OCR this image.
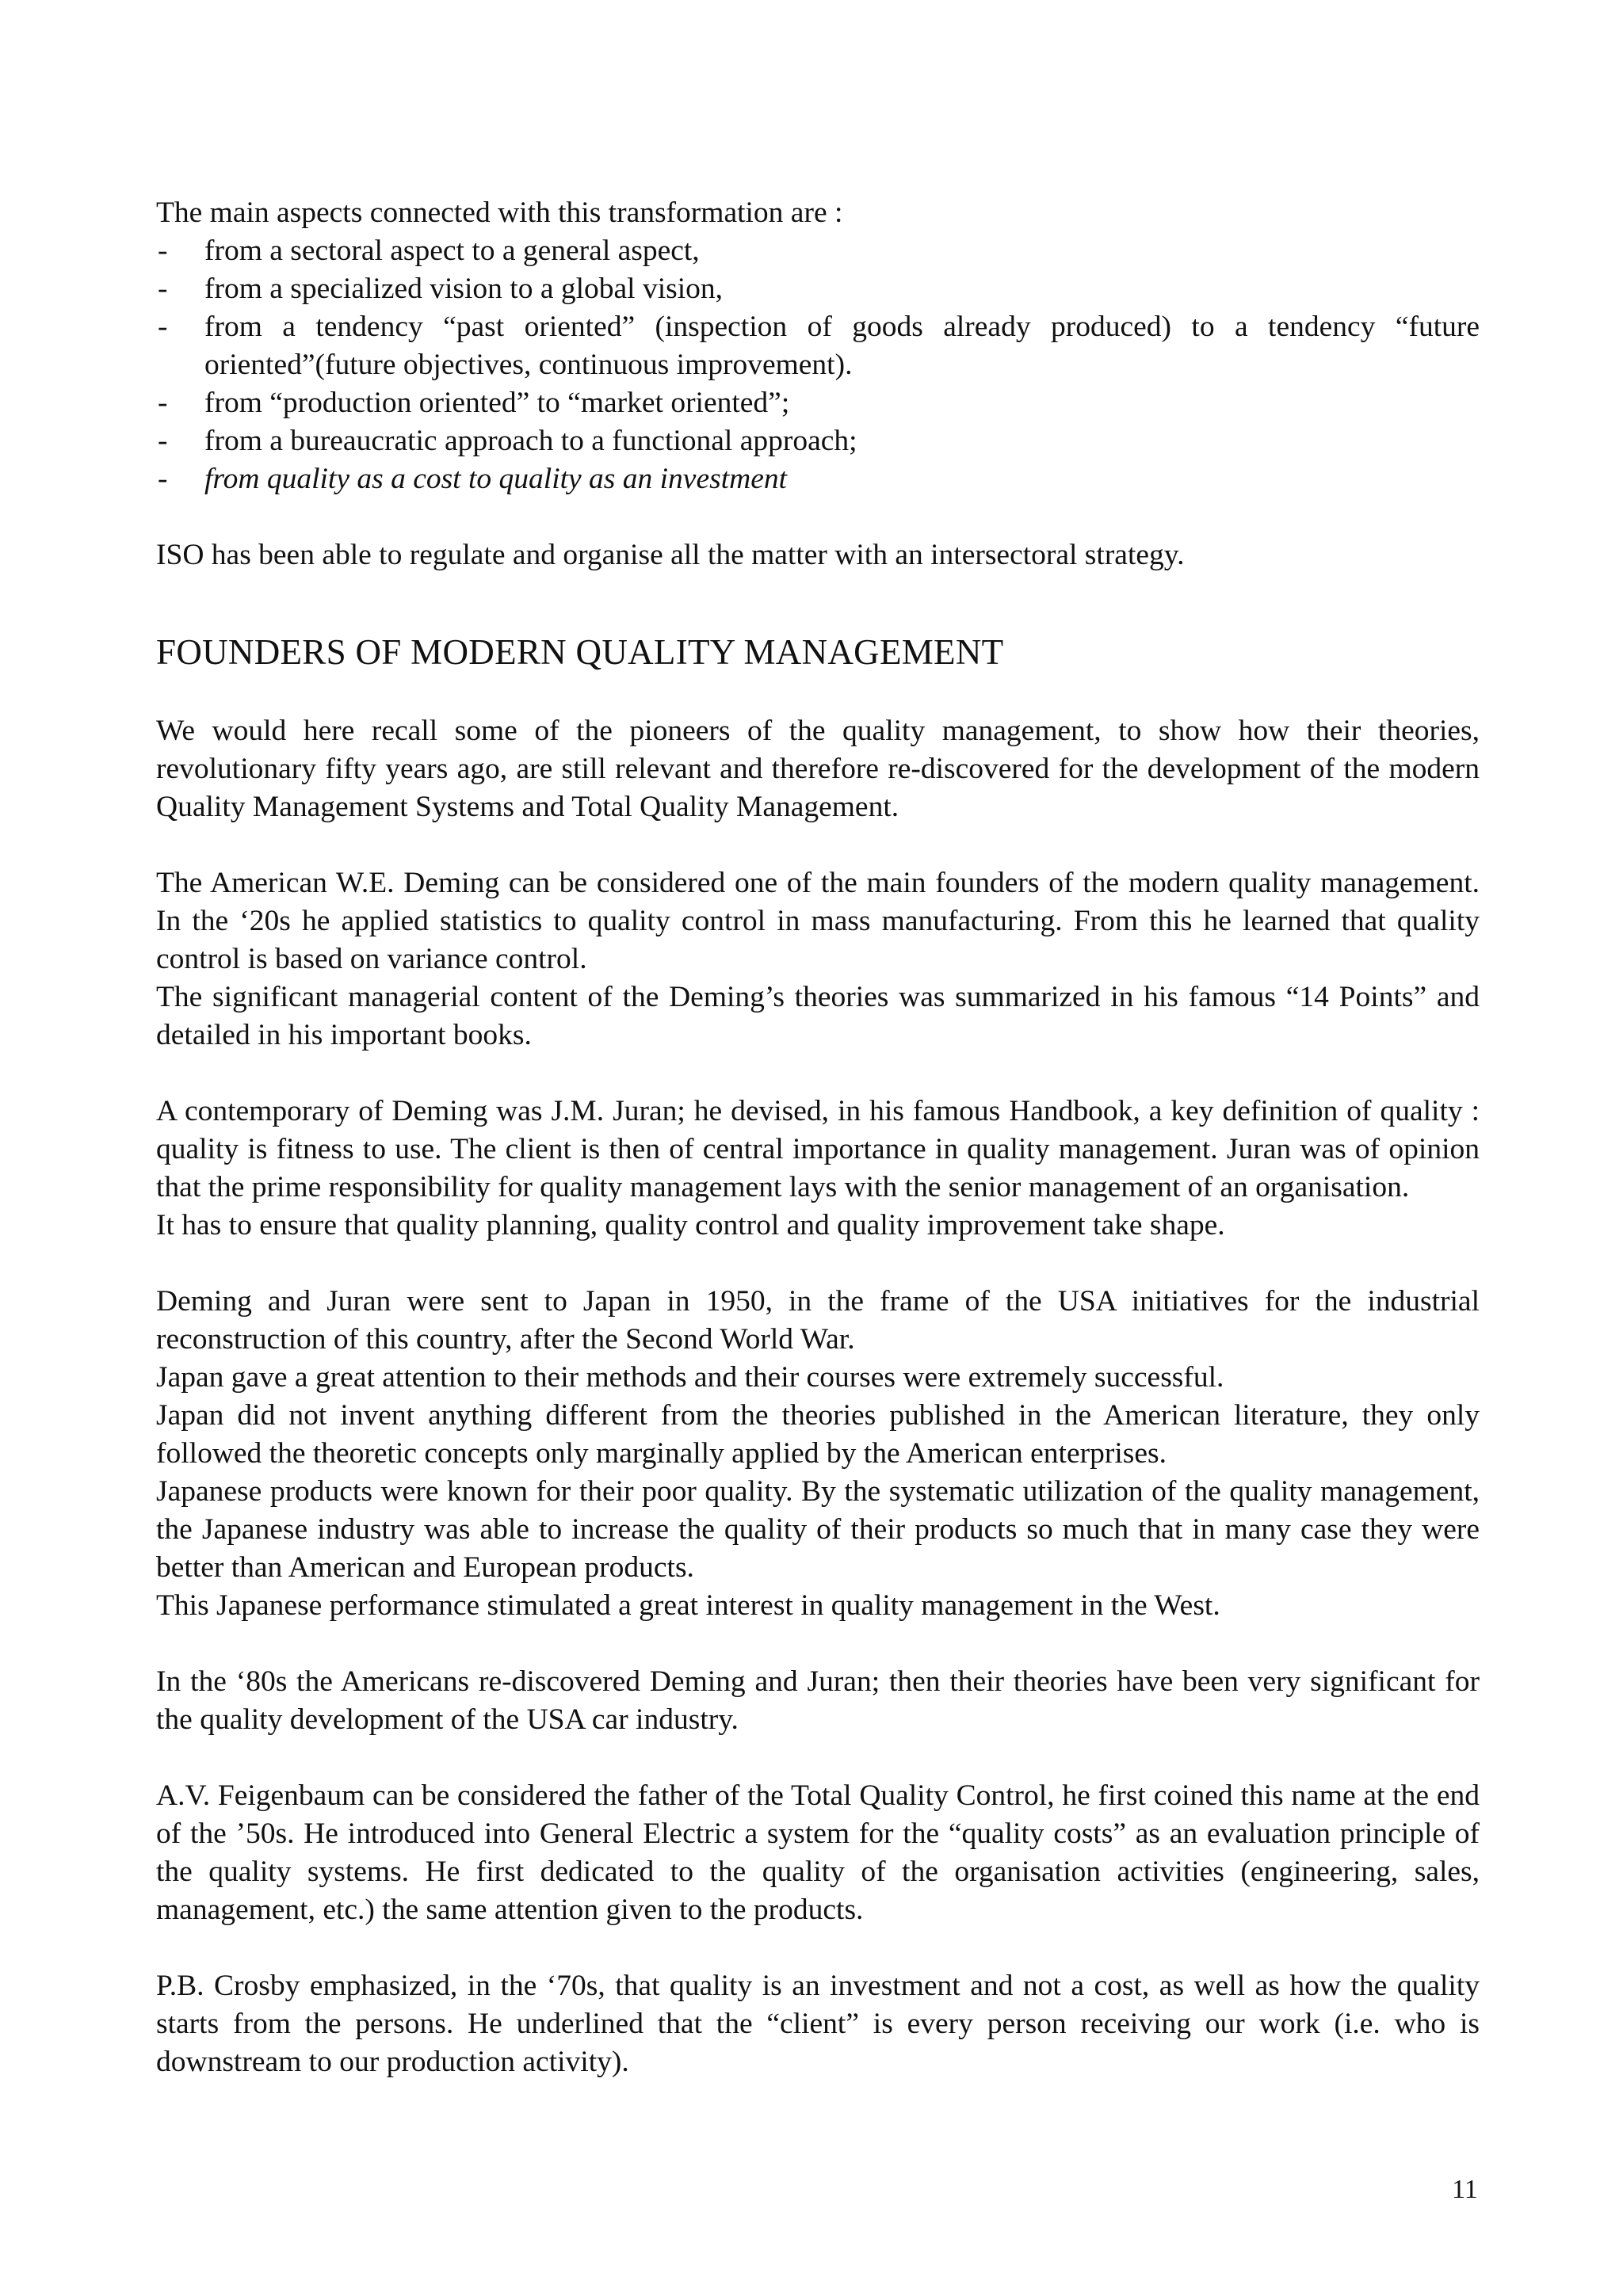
The main aspects connected with this transformation are :

- from a sectoral aspect to a general aspect,
- from a specialized vision to a global vision,
- from a tendency “past oriented” (inspection of goods already produced) to a tendency “future oriented”(future objectives, continuous improvement).
- from “production oriented” to “market oriented”;
- from a bureaucratic approach to a functional approach;
- from quality as a cost to quality as an investment

ISO has been able to regulate and organise all the matter with an intersectoral strategy.

FOUNDERS OF MODERN QUALITY MANAGEMENT

We would here recall some of the pioneers of the quality management, to show how their theories, revolutionary fifty years ago, are still relevant and therefore re-discovered for the development of the modern Quality Management Systems and Total Quality Management.

The American W.E. Deming can be considered one of the main founders of the modern quality management. In the ‘20s he applied statistics to quality control in mass manufacturing. From this he learned that quality control is based on variance control.

The significant managerial content of the Deming’s theories was summarized in his famous “14 Points” and detailed in his important books.

A contemporary of Deming was J.M. Juran; he devised, in his famous Handbook, a key definition of quality : quality is fitness to use. The client is then of central importance in quality management. Juran was of opinion that the prime responsibility for quality management lays with the senior management of an organisation.

It has to ensure that quality planning, quality control and quality improvement take shape.

Deming and Juran were sent to Japan in 1950, in the frame of the USA initiatives for the industrial reconstruction of this country, after the Second World War.

Japan gave a great attention to their methods and their courses were extremely successful.

Japan did not invent anything different from the theories published in the American literature, they only followed the theoretic concepts only marginally applied by the American enterprises.

Japanese products were known for their poor quality. By the systematic utilization of the quality management, the Japanese industry was able to increase the quality of their products so much that in many case they were better than American and European products.

This Japanese performance stimulated a great interest in quality management in the West.

In the ‘80s the Americans re-discovered Deming and Juran; then their theories have been very significant for the quality development of the USA car industry.

A.V. Feigenbaum can be considered the father of the Total Quality Control, he first coined this name at the end of the ’50s. He introduced into General Electric a system for the “quality costs” as an evaluation principle of the quality systems. He first dedicated to the quality of the organisation activities (engineering, sales, management, etc.) the same attention given to the products.

P.B. Crosby emphasized, in the ‘70s, that quality is an investment and not a cost, as well as how the quality starts from the persons. He underlined that the “client” is every person receiving our work (i.e. who is downstream to our production activity).

11
